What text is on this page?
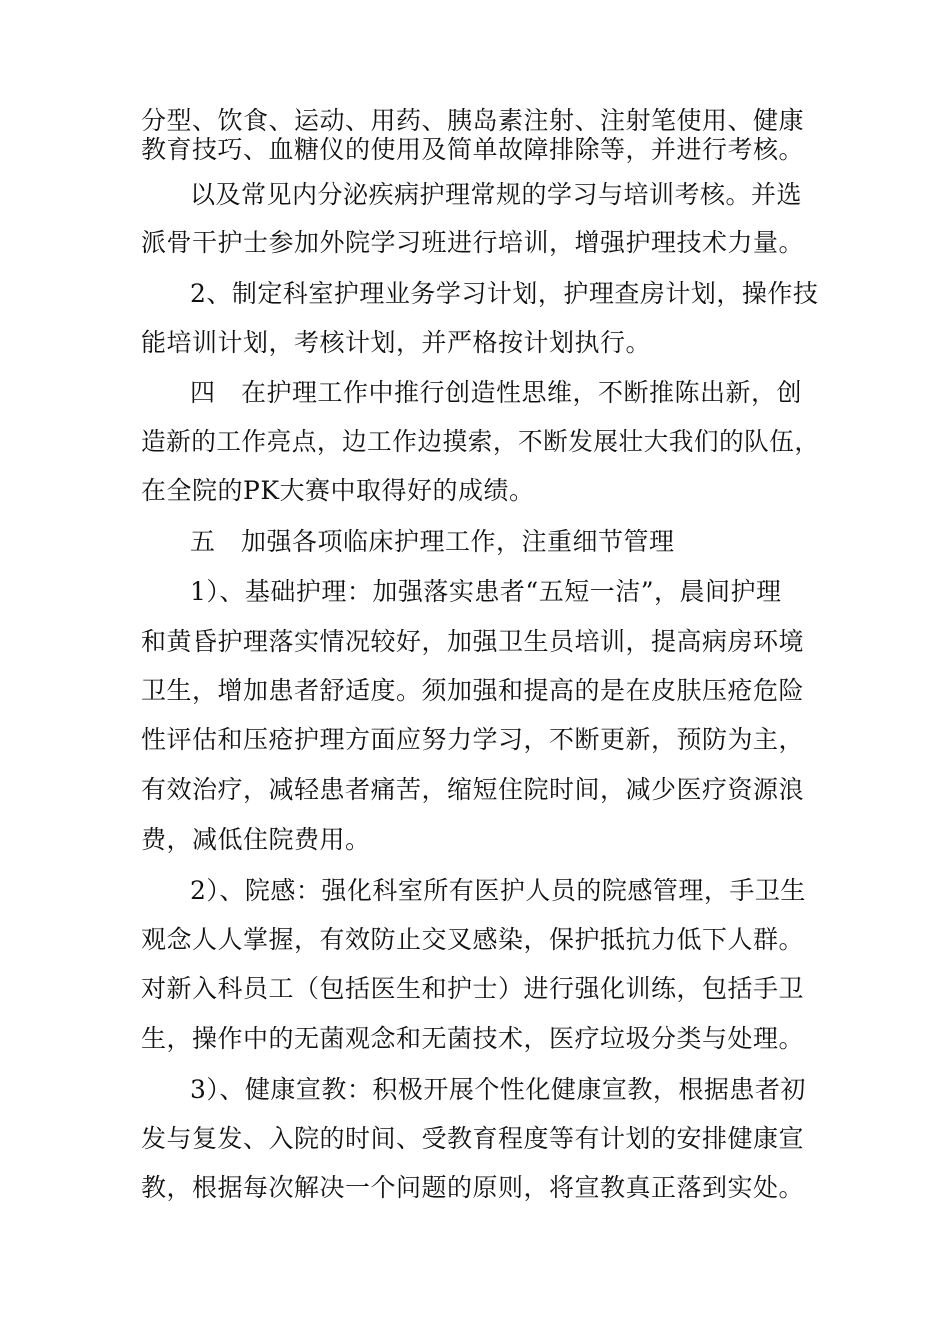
分型、饮食、运动、用药、胰岛素注射、注射笔使用、健康
教育技巧、血糖仪的使用及简单故障排除等，并进行考核。
以及常见内分泌疾病护理常规的学习与培训考核。并选
派骨干护士参加外院学习班进行培训，增强护理技术力量。
2、制定科室护理业务学习计划，护理查房计划，操作技
能培训计划，考核计划，并严格按计划执行。
四　在护理工作中推行创造性思维，不断推陈出新，创
造新的工作亮点，边工作边摸索，不断发展壮大我们的队伍，
在全院的PK大赛中取得好的成绩。
五　加强各项临床护理工作，注重细节管理
1）、基础护理：加强落实患者“五短一洁”，晨间护理
和黄昏护理落实情况较好，加强卫生员培训，提高病房环境
卫生，增加患者舒适度。须加强和提高的是在皮肤压疮危险
性评估和压疮护理方面应努力学习，不断更新，预防为主，
有效治疗，减轻患者痛苦，缩短住院时间，减少医疗资源浪
费，减低住院费用。
2）、院感：强化科室所有医护人员的院感管理，手卫生
观念人人掌握，有效防止交叉感染，保护抵抗力低下人群。
对新入科员工（包括医生和护士）进行强化训练，包括手卫
生，操作中的无菌观念和无菌技术，医疗垃圾分类与处理。
3）、健康宣教：积极开展个性化健康宣教，根据患者初
发与复发、入院的时间、受教育程度等有计划的安排健康宣
教，根据每次解决一个问题的原则，将宣教真正落到实处。
